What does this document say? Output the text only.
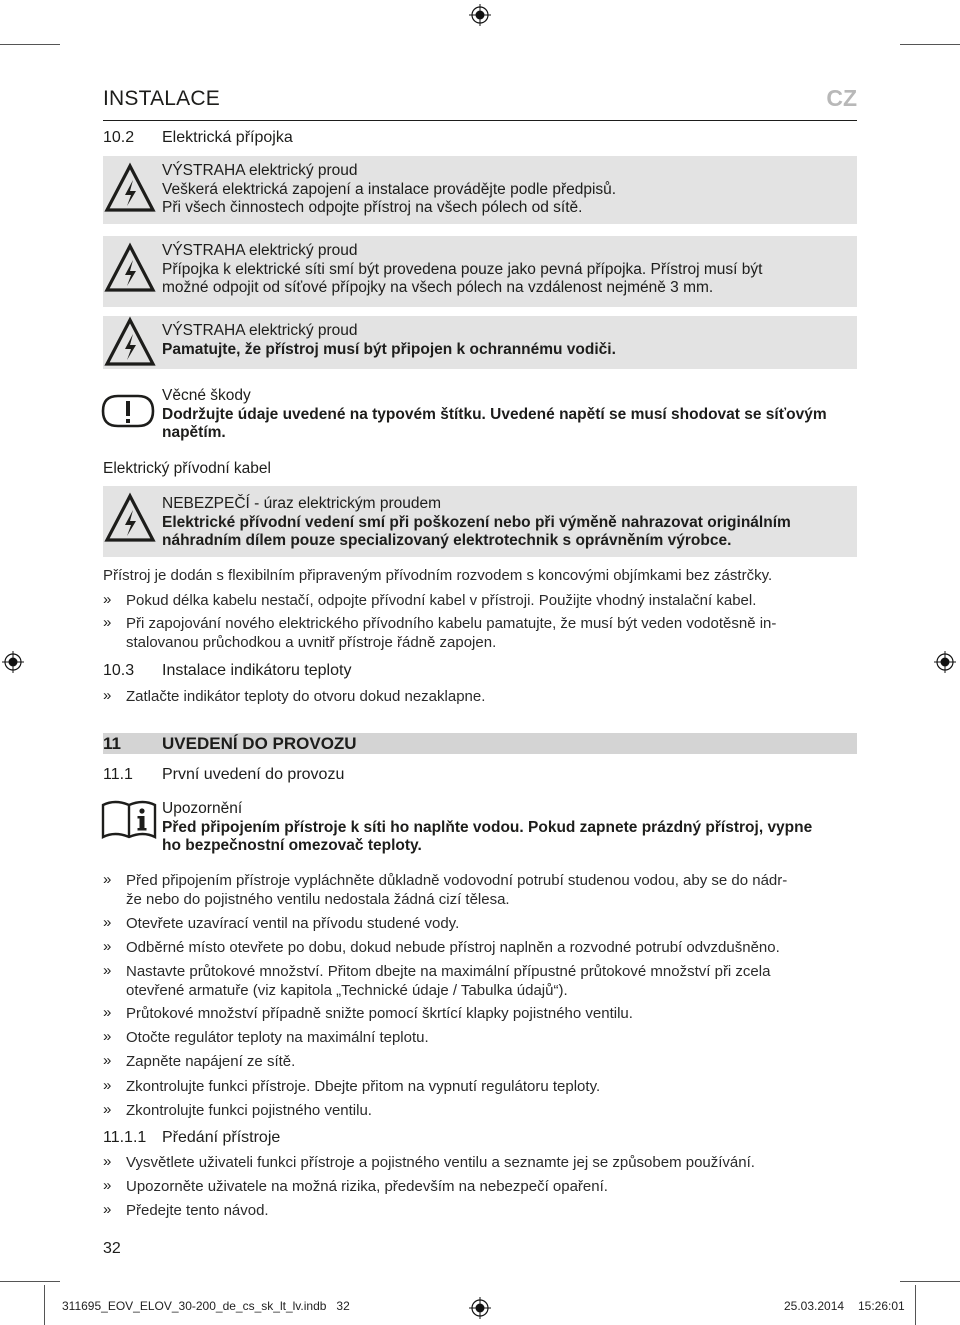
INSTALACE	CZ
10.2 Elektrická přípojka
VÝSTRAHA elektrický proud
Veškerá elektrická zapojení a instalace provádějte podle předpisů.
Při všech činnostech odpojte přístroj na všech pólech od sítě.
VÝSTRAHA elektrický proud
Přípojka k elektrické síti smí být provedena pouze jako pevná přípojka. Přístroj musí být
možné odpojit od síťové přípojky na všech pólech na vzdálenost nejméně 3 mm.
VÝSTRAHA elektrický proud
Pamatujte, že přístroj musí být připojen k ochrannému vodiči.
Věcné škody
Dodržujte údaje uvedené na typovém štítku. Uvedené napětí se musí shodovat se síťovým
napětím.
Elektrický přívodní kabel
NEBEZPEČÍ - úraz elektrickým proudem
Elektrické přívodní vedení smí při poškození nebo při výměně nahrazovat originálním
náhradním dílem pouze specializovaný elektrotechnik s oprávněním výrobce.
Přístroj je dodán s flexibilním připraveným přívodním rozvodem s koncovými objímkami bez zástrčky.
» Pokud délka kabelu nestačí, odpojte přívodní kabel v přístroji. Použijte vhodný instalační kabel.
» Při zapojování nového elektrického přívodního kabelu pamatujte, že musí být veden vodotěsně in-
stalovanou průchodkou a uvnitř přístroje řádně zapojen.
10.3 Instalace indikátoru teploty
» Zatlačte indikátor teploty do otvoru dokud nezaklapne.
11 UVEDENÍ DO PROVOZU
11.1 První uvedení do provozu
Upozornění
Před připojením přístroje k síti ho naplňte vodou. Pokud zapnete prázdný přístroj, vypne
ho bezpečnostní omezovač teploty.
» Před připojením přístroje vypláchněte důkladně vodovodní potrubí studenou vodou, aby se do nádr-
že nebo do pojistného ventilu nedostala žádná cizí tělesa.
» Otevřete uzavírací ventil na přívodu studené vody.
» Odběrné místo otevřete po dobu, dokud nebude přístroj naplněn a rozvodné potrubí odvzdušněno.
» Nastavte průtokové množství. Přitom dbejte na maximální přípustné průtokové množství při zcela
otevřené armatuře (viz kapitola „Technické údaje / Tabulka údajů“).
» Průtokové množství případně snižte pomocí škrtící klapky pojistného ventilu.
» Otočte regulátor teploty na maximální teplotu.
» Zapněte napájení ze sítě.
» Zkontrolujte funkci přístroje. Dbejte přitom na vypnutí regulátoru teploty.
» Zkontrolujte funkci pojistného ventilu.
11.1.1 Předání přístroje
» Vysvětlete uživateli funkci přístroje a pojistného ventilu a seznamte jej se způsobem používání.
» Upozorněte uživatele na možná rizika, především na nebezpečí opaření.
» Předejte tento návod.
32
311695_EOV_ELOV_30-200_de_cs_sk_lt_lv.indb   32	25.03.2014 15:26:01
